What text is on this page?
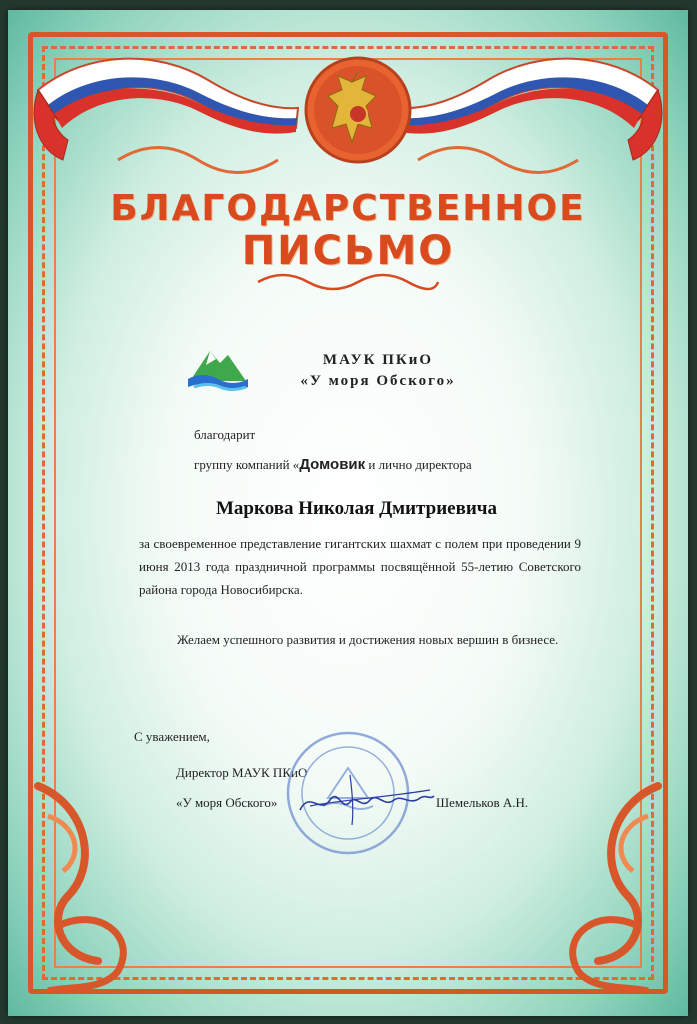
БЛАГОДАРСТВЕННОЕ
ПИСЬМО
МАУК ПКиО
«У моря Обского»
благодарит
группу компаний «Домовик и лично директора
Маркова Николая Дмитриевича

за своевременное представление гигантских шахмат с полем при проведении 9 июня 2013 года праздничной программы посвящённой 55-летию Советского района города Новосибирска.

Желаем успешного развития и достижения новых вершин в бизнесе.

С уважением,
Директор МАУК ПКиО
«У моря Обского»	Шемельков А.Н.
